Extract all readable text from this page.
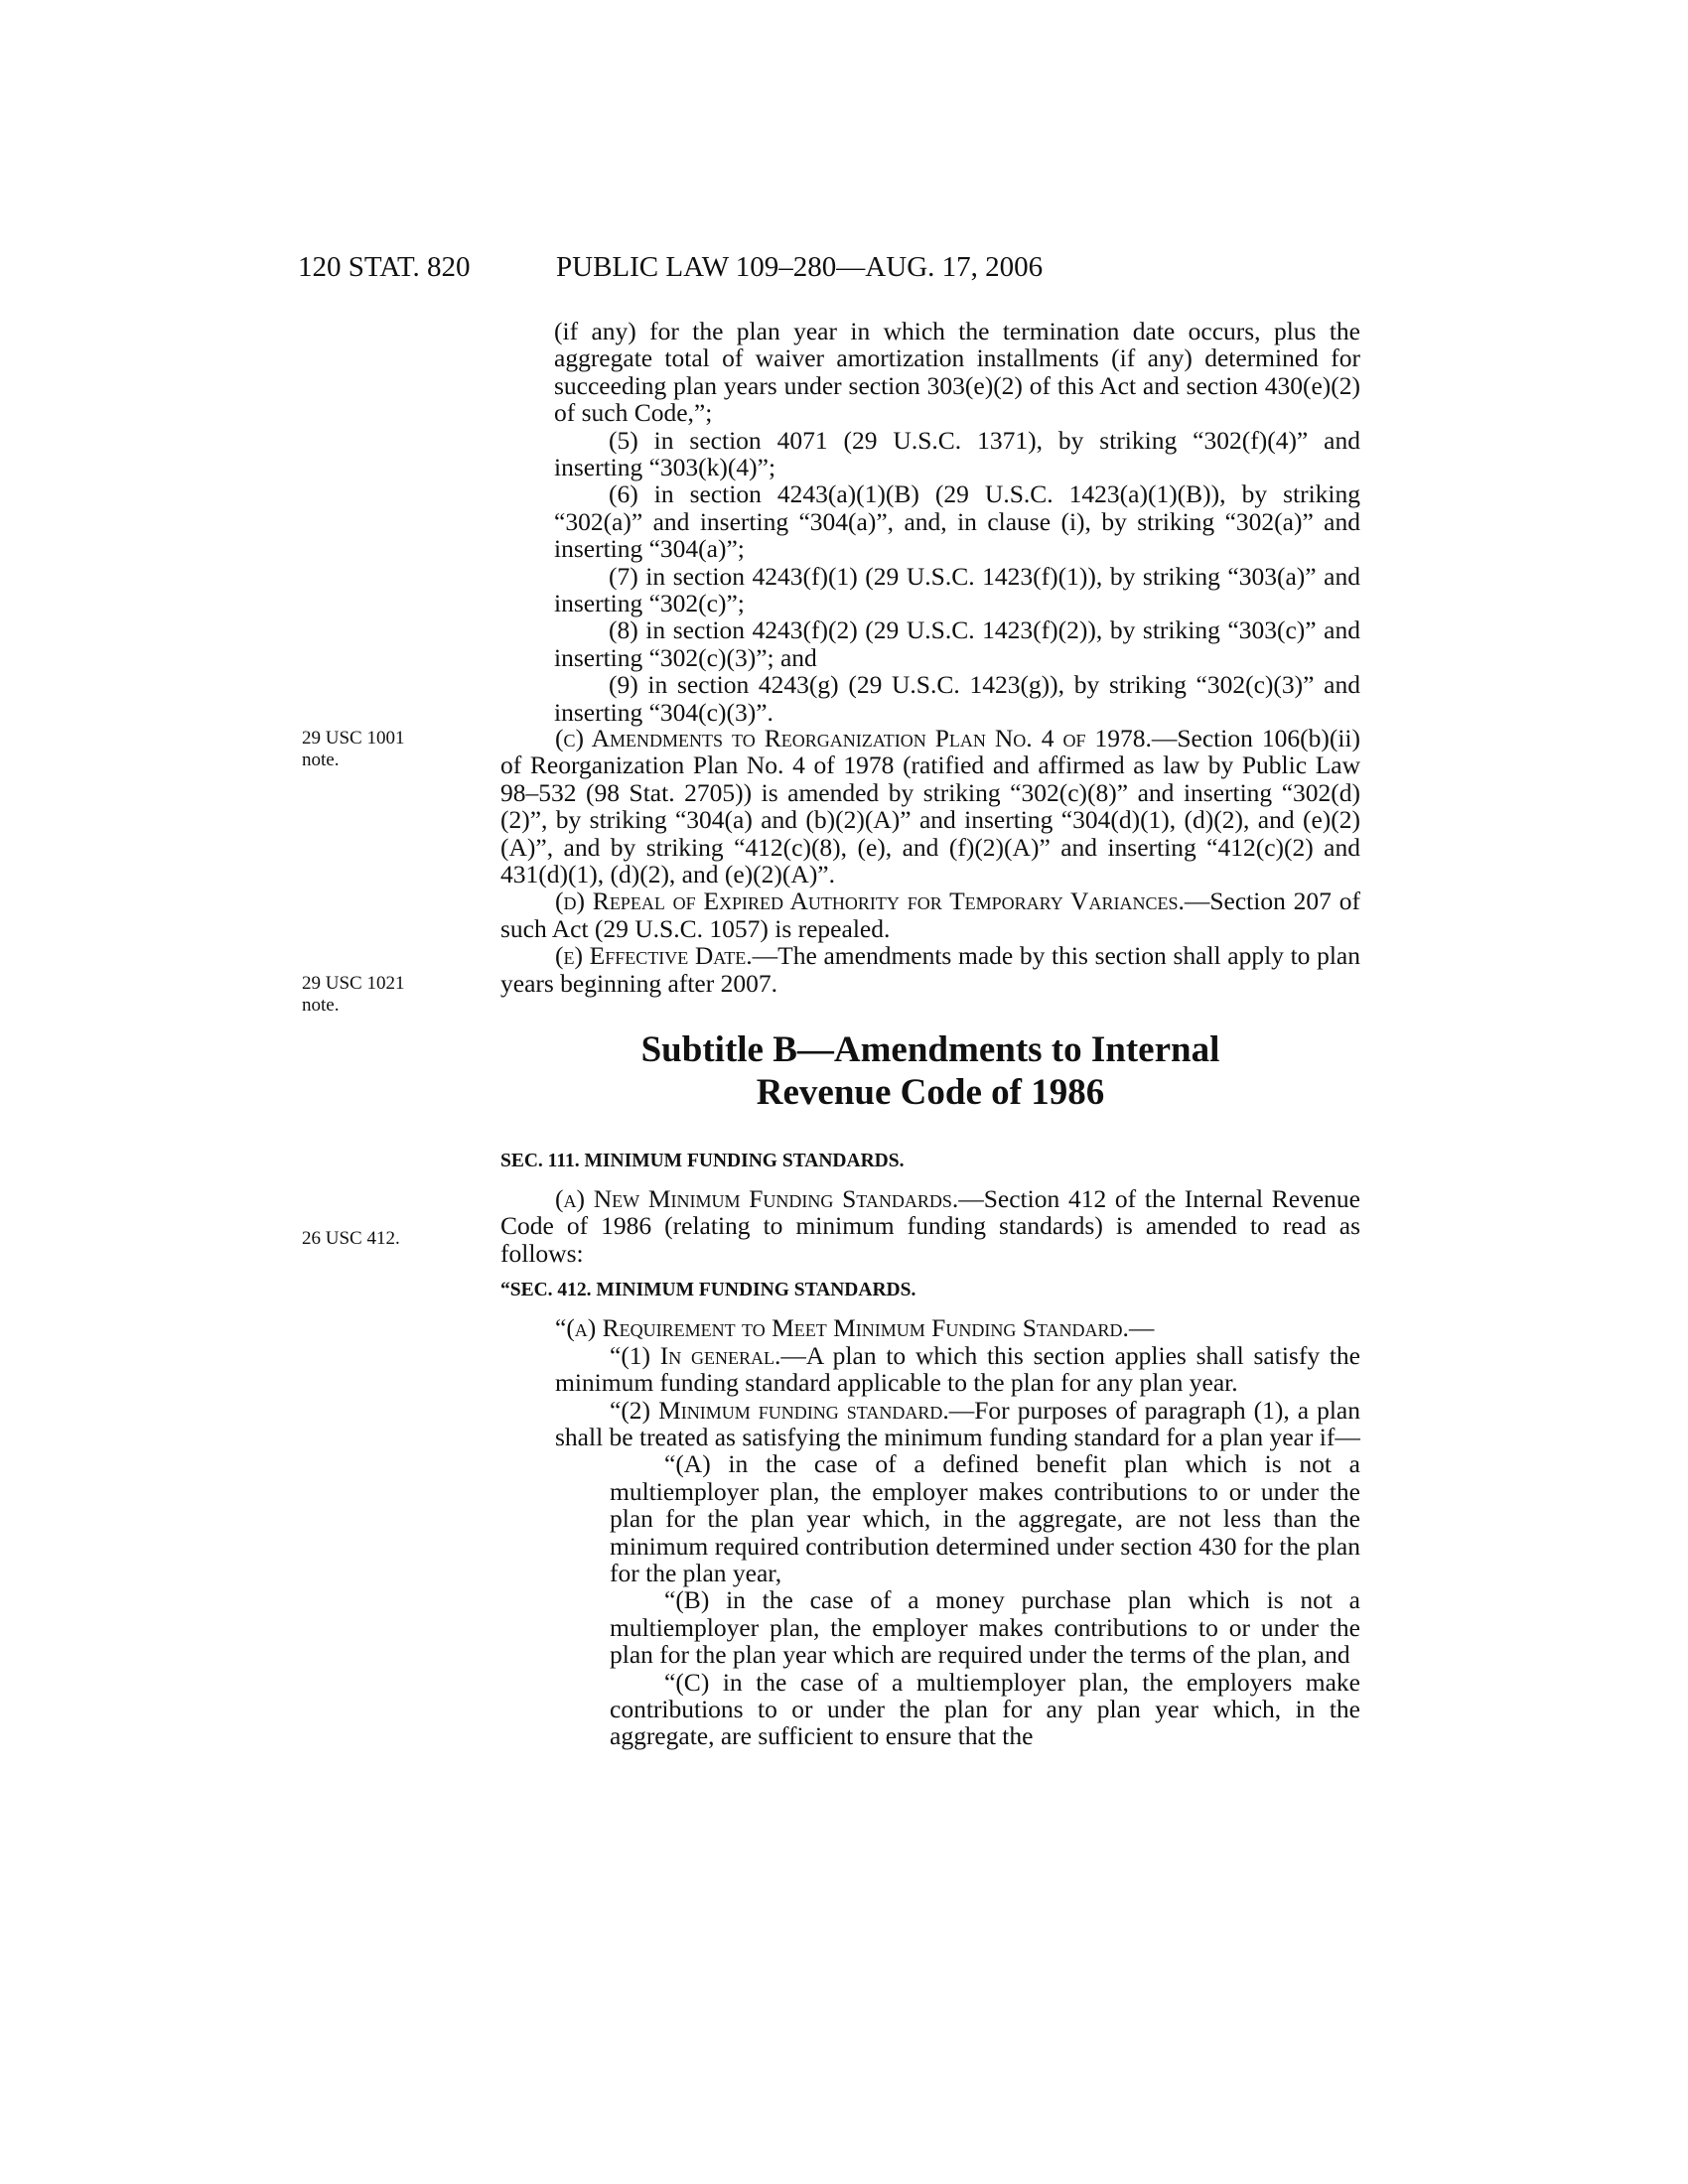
120 STAT. 820	PUBLIC LAW 109–280—AUG. 17, 2006
29 USC 1001
note.
29 USC 1021
note.
26 USC 412.

(if any) for the plan year in which the termination date occurs, plus the aggregate total of waiver amortization installments (if any) determined for succeeding plan years under section 303(e)(2) of this Act and section 430(e)(2) of such Code,”;

(5) in section 4071 (29 U.S.C. 1371), by striking “302(f)(4)” and inserting “303(k)(4)”;

(6) in section 4243(a)(1)(B) (29 U.S.C. 1423(a)(1)(B)), by striking “302(a)” and inserting “304(a)”, and, in clause (i), by striking “302(a)” and inserting “304(a)”;

(7) in section 4243(f)(1) (29 U.S.C. 1423(f)(1)), by striking “303(a)” and inserting “302(c)”;

(8) in section 4243(f)(2) (29 U.S.C. 1423(f)(2)), by striking “303(c)” and inserting “302(c)(3)”; and

(9) in section 4243(g) (29 U.S.C. 1423(g)), by striking “302(c)(3)” and inserting “304(c)(3)”.

(c) Amendments to Reorganization Plan No. 4 of 1978.—Section 106(b)(ii) of Reorganization Plan No. 4 of 1978 (ratified and affirmed as law by Public Law 98–532 (98 Stat. 2705)) is amended by striking “302(c)(8)” and inserting “302(d)(2)”, by striking “304(a) and (b)(2)(A)” and inserting “304(d)(1), (d)(2), and (e)(2)(A)”, and by striking “412(c)(8), (e), and (f)(2)(A)” and inserting “412(c)(2) and 431(d)(1), (d)(2), and (e)(2)(A)”.

(d) Repeal of Expired Authority for Temporary Variances.—Section 207 of such Act (29 U.S.C. 1057) is repealed.

(e) Effective Date.—The amendments made by this section shall apply to plan years beginning after 2007.

Subtitle B—Amendments to Internal
Revenue Code of 1986

SEC. 111. MINIMUM FUNDING STANDARDS.

(a) New Minimum Funding Standards.—Section 412 of the Internal Revenue Code of 1986 (relating to minimum funding standards) is amended to read as follows:

“SEC. 412. MINIMUM FUNDING STANDARDS.

“(a) Requirement to Meet Minimum Funding Standard.—

“(1) In general.—A plan to which this section applies shall satisfy the minimum funding standard applicable to the plan for any plan year.

“(2) Minimum funding standard.—For purposes of paragraph (1), a plan shall be treated as satisfying the minimum funding standard for a plan year if—

“(A) in the case of a defined benefit plan which is not a multiemployer plan, the employer makes contributions to or under the plan for the plan year which, in the aggregate, are not less than the minimum required contribution determined under section 430 for the plan for the plan year,

“(B) in the case of a money purchase plan which is not a multiemployer plan, the employer makes contributions to or under the plan for the plan year which are required under the terms of the plan, and

“(C) in the case of a multiemployer plan, the employers make contributions to or under the plan for any plan year which, in the aggregate, are sufficient to ensure that the
